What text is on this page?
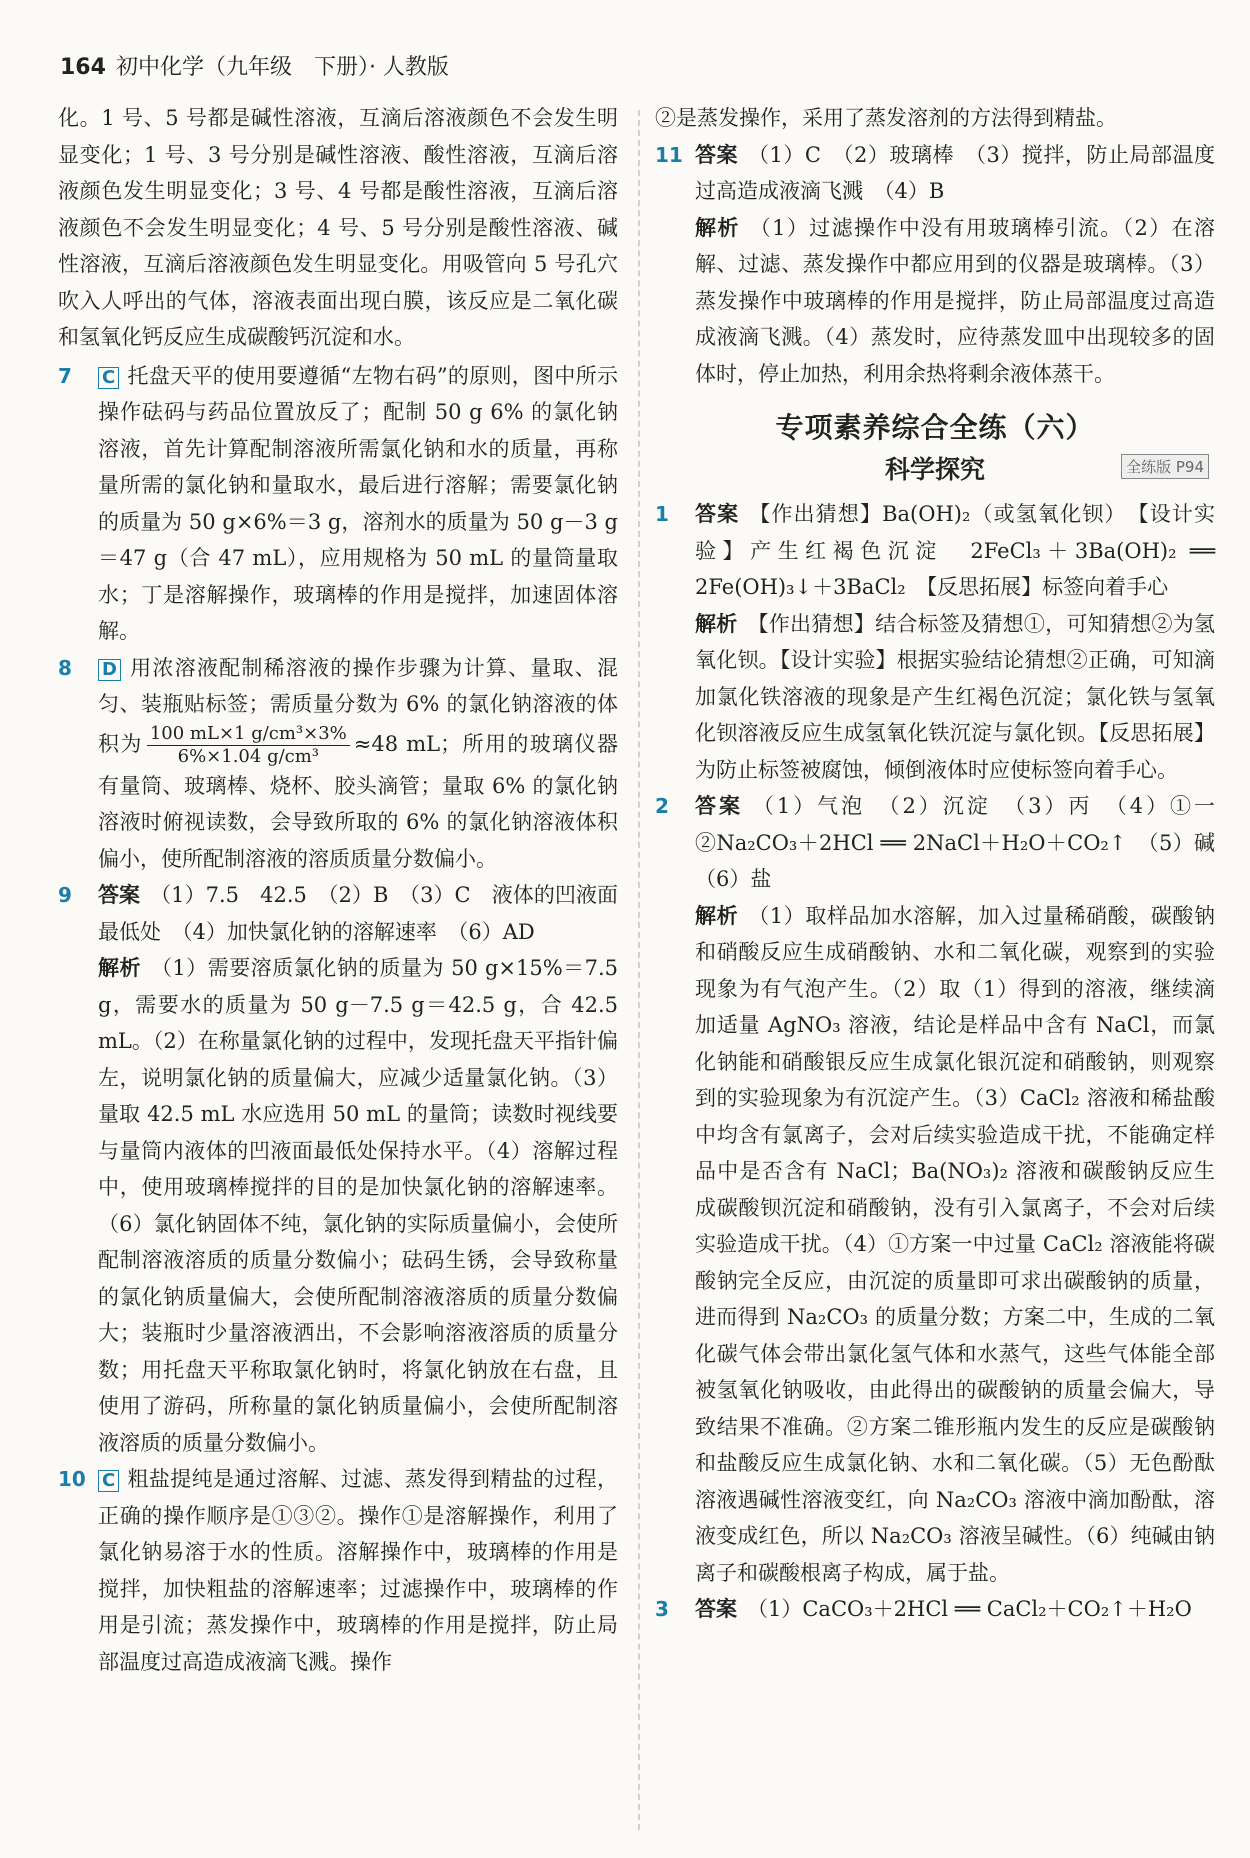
164 初中化学（九年级　下册）· 人教版

化。1 号、5 号都是碱性溶液，互滴后溶液颜色不会发生明显变化；1 号、3 号分别是碱性溶液、酸性溶液，互滴后溶液颜色发生明显变化；3 号、4 号都是酸性溶液，互滴后溶液颜色不会发生明显变化；4 号、5 号分别是酸性溶液、碱性溶液，互滴后溶液颜色发生明显变化。用吸管向 5 号孔穴吹入人呼出的气体，溶液表面出现白膜，该反应是二氧化碳和氢氧化钙反应生成碳酸钙沉淀和水。

7 C 托盘天平的使用要遵循“左物右码”的原则，图中所示操作砝码与药品位置放反了；配制 50 g 6% 的氯化钠溶液，首先计算配制溶液所需氯化钠和水的质量，再称量所需的氯化钠和量取水，最后进行溶解；需要氯化钠的质量为 50 g×6%＝3 g，溶剂水的质量为 50 g－3 g＝47 g（合 47 mL），应用规格为 50 mL 的量筒量取水；丁是溶解操作，玻璃棒的作用是搅拌，加速固体溶解。
8 D 用浓溶液配制稀溶液的操作步骤为计算、量取、混匀、装瓶贴标签；需质量分数为 6% 的氯化钠溶液的体积为 $\frac{\text{100 mL×1 g/cm³×3\%}}{\text{6\%×1.04 g/cm³}} \approx 48$ mL；所用的玻璃仪器有量筒、玻璃棒、烧杯、胶头滴管；量取 6% 的氯化钠溶液时俯视读数，会导致所取的 6% 的氯化钠溶液体积偏小，使所配制溶液的溶质质量分数偏小。
9 答案 （1）7.5　42.5　（2）B　（3）C　液体的凹液面最低处　（4）加快氯化钠的溶解速率　（6）AD
解析 （1）需要溶质氯化钠的质量为 50 g×15%＝7.5 g，需要水的质量为 50 g－7.5 g＝42.5 g，合 42.5 mL。（2）在称量氯化钠的过程中，发现托盘天平指针偏左，说明氯化钠的质量偏大，应减少适量氯化钠。（3）量取 42.5 mL 水应选用 50 mL 的量筒；读数时视线要与量筒内液体的凹液面最低处保持水平。（4）溶解过程中，使用玻璃棒搅拌的目的是加快氯化钠的溶解速率。（6）氯化钠固体不纯，氯化钠的实际质量偏小，会使所配制溶液溶质的质量分数偏小；砝码生锈，会导致称量的氯化钠质量偏大，会使所配制溶液溶质的质量分数偏大；装瓶时少量溶液洒出，不会影响溶液溶质的质量分数；用托盘天平称取氯化钠时，将氯化钠放在右盘，且使用了游码，所称量的氯化钠质量偏小，会使所配制溶液溶质的质量分数偏小。
10 C 粗盐提纯是通过溶解、过滤、蒸发得到精盐的过程，正确的操作顺序是①③②。操作①是溶解操作，利用了氯化钠易溶于水的性质。溶解操作中，玻璃棒的作用是搅拌，加快粗盐的溶解速率；过滤操作中，玻璃棒的作用是引流；蒸发操作中，玻璃棒的作用是搅拌，防止局部温度过高造成液滴飞溅。操作

②是蒸发操作，采用了蒸发溶剂的方法得到精盐。

11 答案 （1）C　（2）玻璃棒　（3）搅拌，防止局部温度过高造成液滴飞溅　（4）B
解析 （1）过滤操作中没有用玻璃棒引流。（2）在溶解、过滤、蒸发操作中都应用到的仪器是玻璃棒。（3）蒸发操作中玻璃棒的作用是搅拌，防止局部温度过高造成液滴飞溅。（4）蒸发时，应待蒸发皿中出现较多的固体时，停止加热，利用余热将剩余液体蒸干。
专项素养综合全练（六）
科学探究	全练版 P94
1 答案 【作出猜想】Ba(OH)₂（或氢氧化钡）　【设计实验】产生红褐色沉淀　2FeCl₃＋3Ba(OH)₂ ══ 2Fe(OH)₃↓＋3BaCl₂　【反思拓展】标签向着手心
解析 【作出猜想】结合标签及猜想①，可知猜想②为氢氧化钡。【设计实验】根据实验结论猜想②正确，可知滴加氯化铁溶液的现象是产生红褐色沉淀；氯化铁与氢氧化钡溶液反应生成氢氧化铁沉淀与氯化钡。【反思拓展】为防止标签被腐蚀，倾倒液体时应使标签向着手心。
2 答案 （1）气泡　（2）沉淀　（3）丙　（4）①一　②Na₂CO₃＋2HCl ══ 2NaCl＋H₂O＋CO₂↑　（5）碱　（6）盐
解析 （1）取样品加水溶解，加入过量稀硝酸，碳酸钠和硝酸反应生成硝酸钠、水和二氧化碳，观察到的实验现象为有气泡产生。（2）取（1）得到的溶液，继续滴加适量 AgNO₃ 溶液，结论是样品中含有 NaCl，而氯化钠能和硝酸银反应生成氯化银沉淀和硝酸钠，则观察到的实验现象为有沉淀产生。（3）CaCl₂ 溶液和稀盐酸中均含有氯离子，会对后续实验造成干扰，不能确定样品中是否含有 NaCl；Ba(NO₃)₂ 溶液和碳酸钠反应生成碳酸钡沉淀和硝酸钠，没有引入氯离子，不会对后续实验造成干扰。（4）①方案一中过量 CaCl₂ 溶液能将碳酸钠完全反应，由沉淀的质量即可求出碳酸钠的质量，进而得到 Na₂CO₃ 的质量分数；方案二中，生成的二氧化碳气体会带出氯化氢气体和水蒸气，这些气体能全部被氢氧化钠吸收，由此得出的碳酸钠的质量会偏大，导致结果不准确。②方案二锥形瓶内发生的反应是碳酸钠和盐酸反应生成氯化钠、水和二氧化碳。（5）无色酚酞溶液遇碱性溶液变红，向 Na₂CO₃ 溶液中滴加酚酞，溶液变成红色，所以 Na₂CO₃ 溶液呈碱性。（6）纯碱由钠离子和碳酸根离子构成，属于盐。
3 答案 （1）CaCO₃＋2HCl ══ CaCl₂＋CO₂↑＋H₂O
